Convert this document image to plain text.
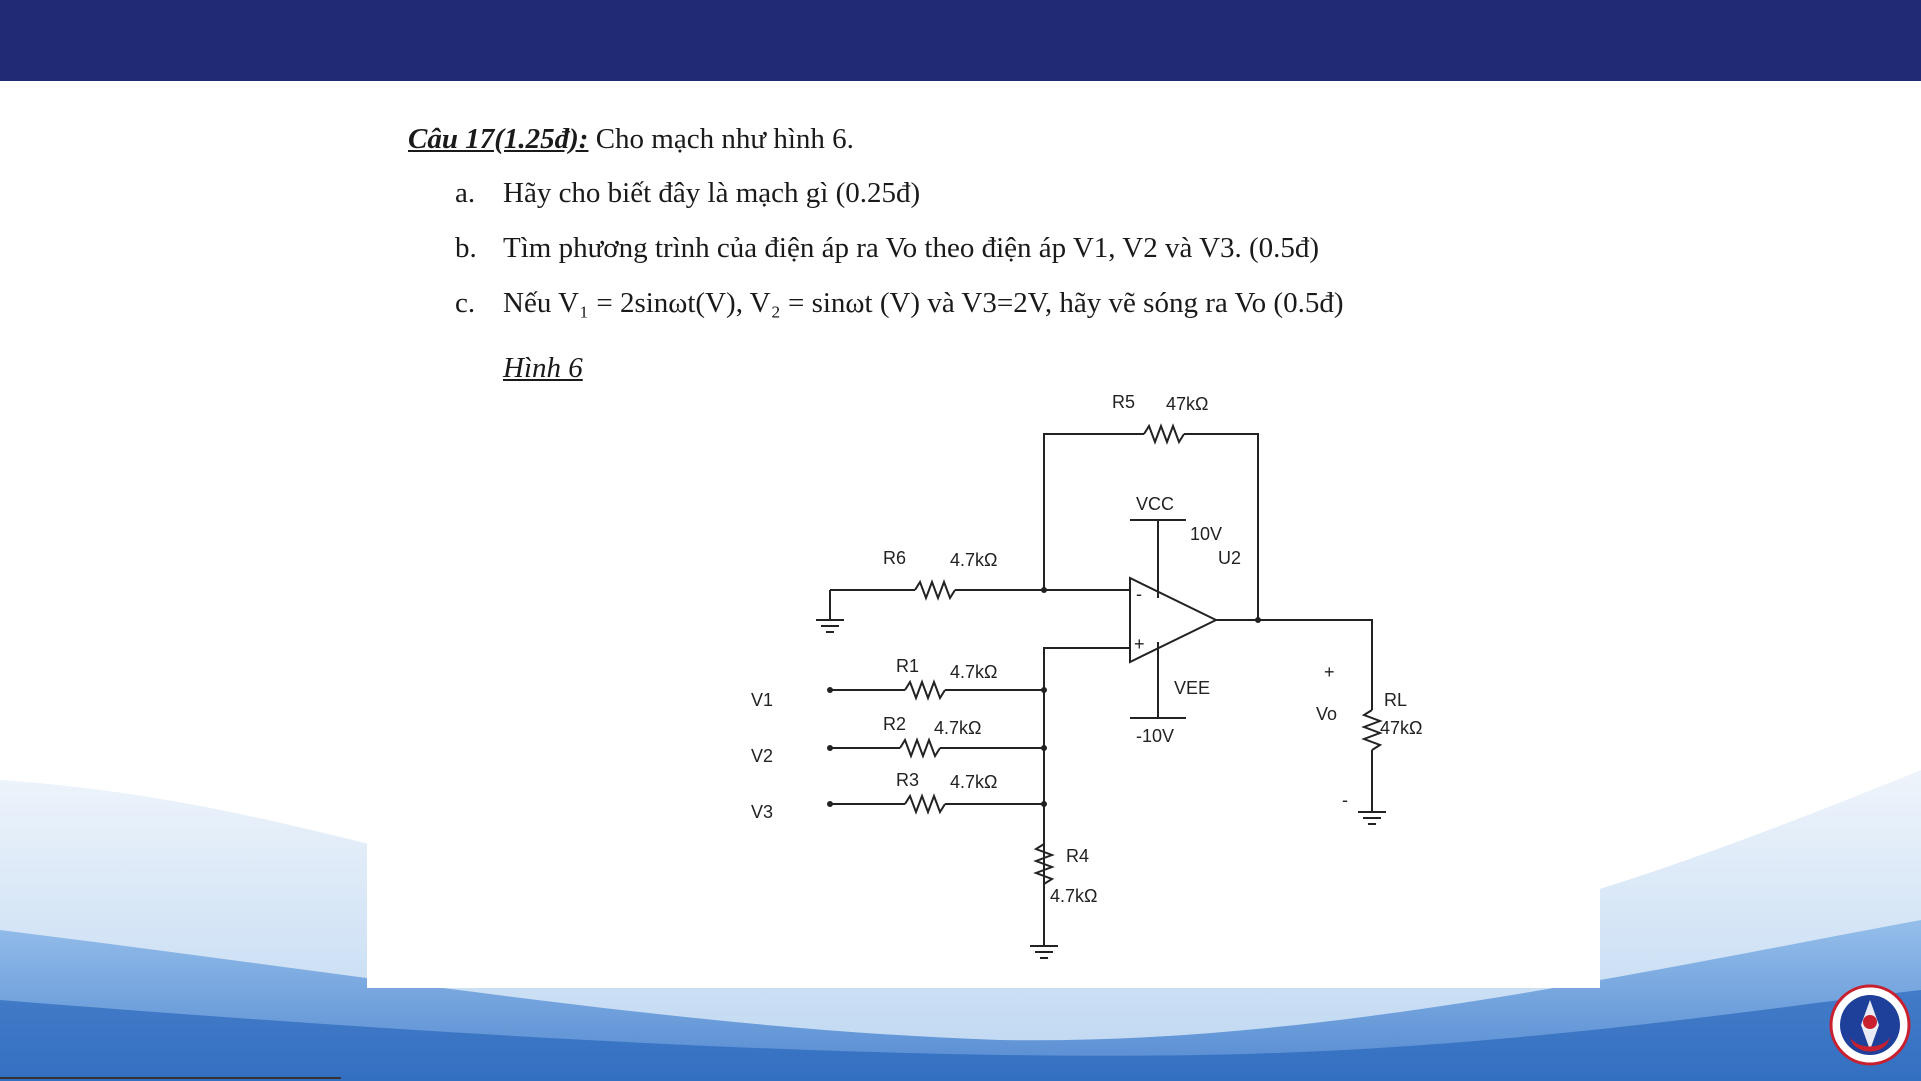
Câu 17(1.25đ): Cho mạch như hình 6.
a. Hãy cho biết đây là mạch gì (0.25đ)
b. Tìm phương trình của điện áp ra Vo theo điện áp V1, V2 và V3. (0.5đ)
c. Nếu V₁ = 2sinωt(V), V₂ = sinωt (V) và V3=2V, hãy vẽ sóng ra Vo (0.5đ)
Hình 6
R5 47kΩ
VCC
10V
U2
R6 4.7kΩ
-
+
R1 4.7kΩ
V1
R2 4.7kΩ
V2
R3 4.7kΩ
V3
VEE
-10V
R4
4.7kΩ
+
Vo
-
RL
47kΩ
